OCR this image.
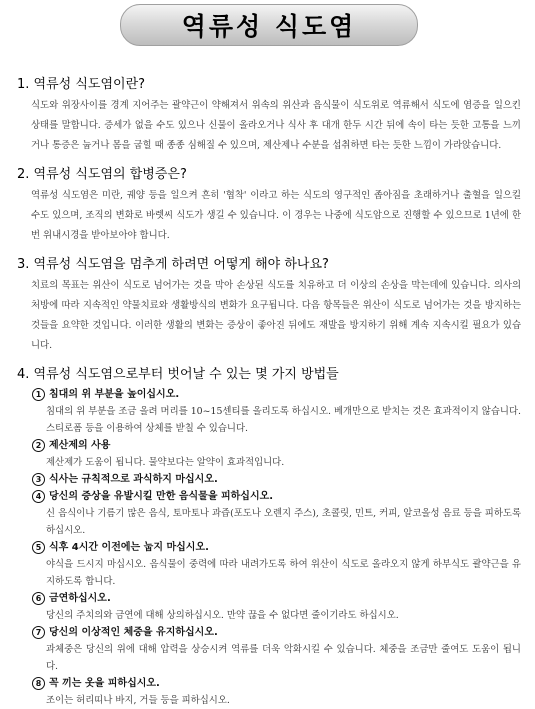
역류성 식도염
1. 역류성 식도염이란?
식도와 위장사이를 경계 지어주는 괄약근이 약해져서 위속의 위산과 음식물이 식도위로 역류해서 식도에 염증을 일으킨 상태를 말합니다. 증세가 없을 수도 있으나 신물이 올라오거나 식사 후 대개 한두 시간 뒤에 속이 타는 듯한 고통을 느끼거나 통증은 눕거나 몸을 굽힐 때 종종 심해질 수 있으며, 제산제나 수분을 섭취하면 타는 듯한 느낌이 가라앉습니다.
2. 역류성 식도염의 합병증은?
역류성 식도염은 미란, 궤양 등을 일으켜 흔히 '협착' 이라고 하는 식도의 영구적인 좁아짐을 초래하거나 출혈을 일으킬 수도 있으며, 조직의 변화로 바렛씨 식도가 생길 수 있습니다. 이 경우는 나중에 식도암으로 진행할 수 있으므로 1년에 한번 위내시경을 받아보아야 합니다.
3. 역류성 식도염을 멈추게 하려면 어떻게 해야 하나요?
치료의 목표는 위산이 식도로 넘어가는 것을 막아 손상된 식도를 치유하고 더 이상의 손상을 막는데에 있습니다. 의사의 처방에 따라 지속적인 약물치료와 생활방식의 변화가 요구됩니다. 다음 항목들은 위산이 식도로 넘어가는 것을 방지하는 것들을 요약한 것입니다. 이러한 생활의 변화는 증상이 좋아진 뒤에도 재발을 방지하기 위해 계속 지속시킬 필요가 있습니다.
4. 역류성 식도염으로부터 벗어날 수 있는 몇 가지 방법들
1 침대의 위 부분을 높이십시오.
침대의 위 부분을 조금 올려 머리를 10~15센티를 올리도록 하십시오. 베개만으로 받치는 것은 효과적이지 않습니다. 스티로폼 등을 이용하여 상체를 받칠 수 있습니다.
2 제산제의 사용
제산제가 도움이 됩니다. 물약보다는 알약이 효과적입니다.
3 식사는 규칙적으로 과식하지 마십시오.
4 당신의 증상을 유발시킬 만한 음식물을 피하십시오.
신 음식이나 기름기 많은 음식, 토마토나 과즙(포도나 오렌지 주스), 초콜릿, 민트, 커피, 알코올성 음료 등을 피하도록 하십시오.
5 식후 4시간 이전에는 눕지 마십시오.
야식을 드시지 마십시오. 음식물이 중력에 따라 내려가도록 하여 위산이 식도로 올라오지 않게 하부식도 괄약근을 유지하도록 합니다.
6 금연하십시오.
당신의 주치의와 금연에 대해 상의하십시오. 만약 끊을 수 없다면 줄이기라도 하십시오.
7 당신의 이상적인 체중을 유지하십시오.
과체중은 당신의 위에 대해 압력을 상승시켜 역류를 더욱 악화시킬 수 있습니다. 체중을 조금만 줄여도 도움이 됩니다.
8 꼭 끼는 옷을 피하십시오.
조이는 허리띠나 바지, 거들 등을 피하십시오.
